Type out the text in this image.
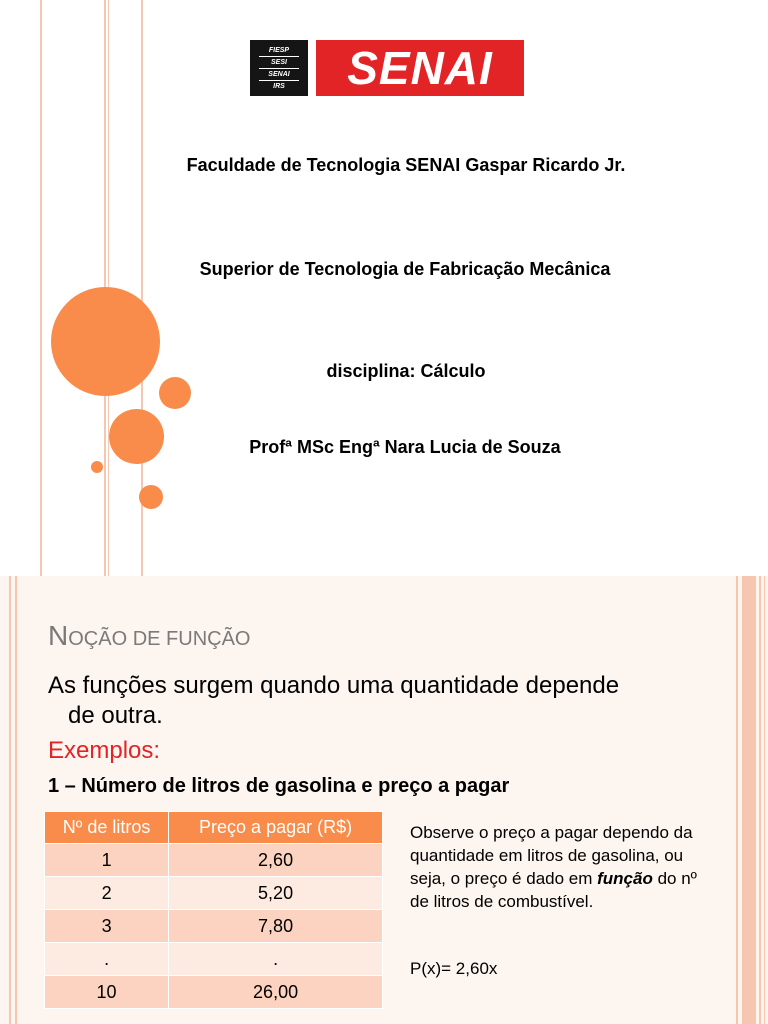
FIESP
SESI
SENAI
IRS	SENAI
Faculdade de Tecnologia SENAI Gaspar Ricardo Jr.
Superior de Tecnologia de Fabricação Mecânica
disciplina: Cálculo
Profª MSc Engª Nara Lucia de Souza
NOÇÃO DE FUNÇÃO
As funções surgem quando uma quantidade depende
de outra.
Exemplos:
1 – Número de litros de gasolina e preço a pagar
Nº de litros	Preço a pagar (R$)
1	2,60
2	5,20
3	7,80
.	.
10	26,00
Observe o preço a pagar dependo da quantidade em litros de gasolina, ou seja, o preço é dado em função do nº de litros de combustível.
P(x)= 2,60x
